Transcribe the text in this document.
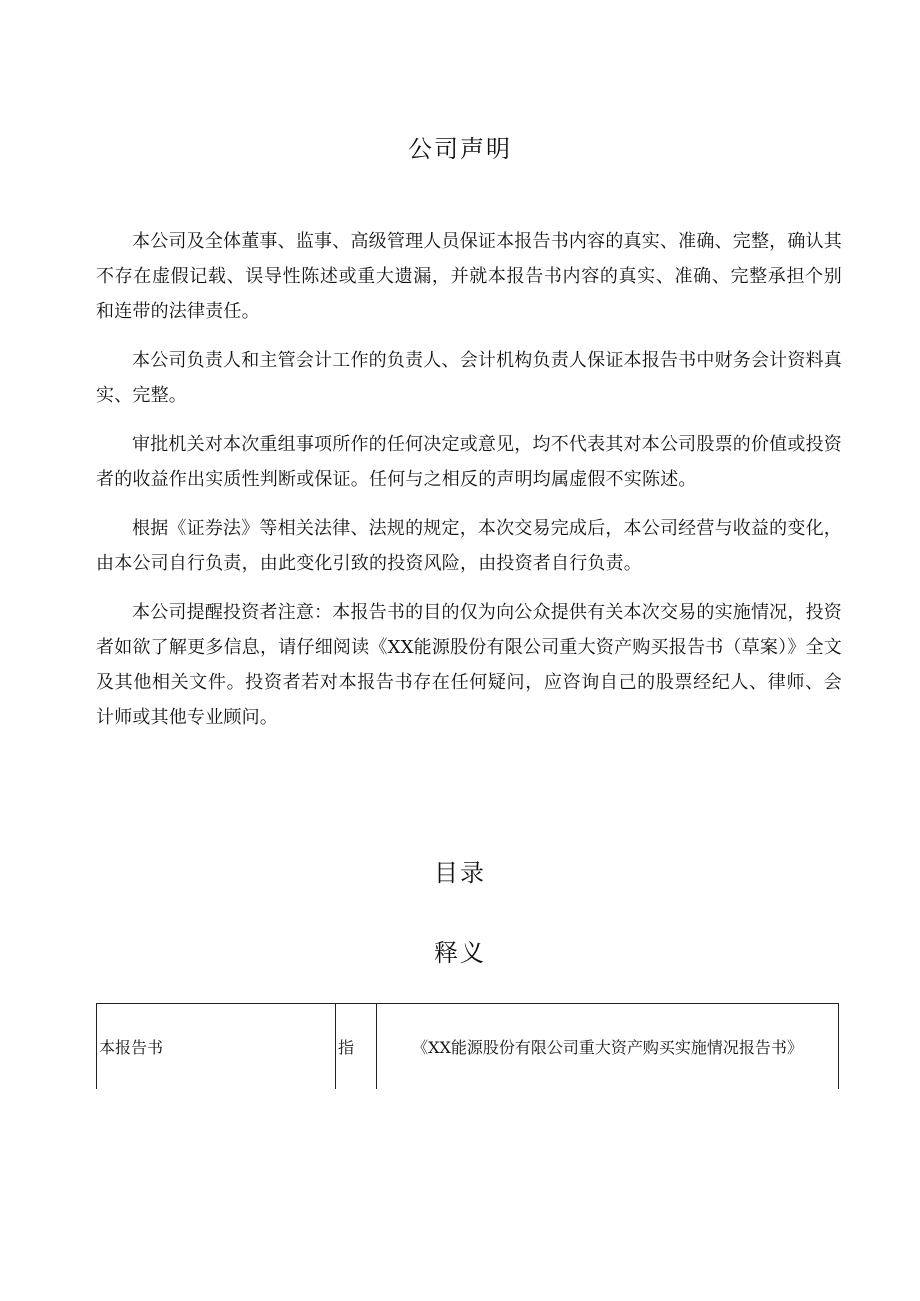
公司声明

本公司及全体董事、监事、高级管理人员保证本报告书内容的真实、准确、完整，确认其不存在虚假记载、误导性陈述或重大遗漏，并就本报告书内容的真实、准确、完整承担个别和连带的法律责任。

本公司负责人和主管会计工作的负责人、会计机构负责人保证本报告书中财务会计资料真实、完整。

审批机关对本次重组事项所作的任何决定或意见，均不代表其对本公司股票的价值或投资者的收益作出实质性判断或保证。任何与之相反的声明均属虚假不实陈述。

根据《证券法》等相关法律、法规的规定，本次交易完成后，本公司经营与收益的变化，由本公司自行负责，由此变化引致的投资风险，由投资者自行负责。

本公司提醒投资者注意：本报告书的目的仅为向公众提供有关本次交易的实施情况，投资者如欲了解更多信息，请仔细阅读《XX能源股份有限公司重大资产购买报告书（草案）》全文及其他相关文件。投资者若对本报告书存在任何疑问，应咨询自己的股票经纪人、律师、会计师或其他专业顾问。

目录
释义
本报告书	指	《XX能源股份有限公司重大资产购买实施情况报告书》
